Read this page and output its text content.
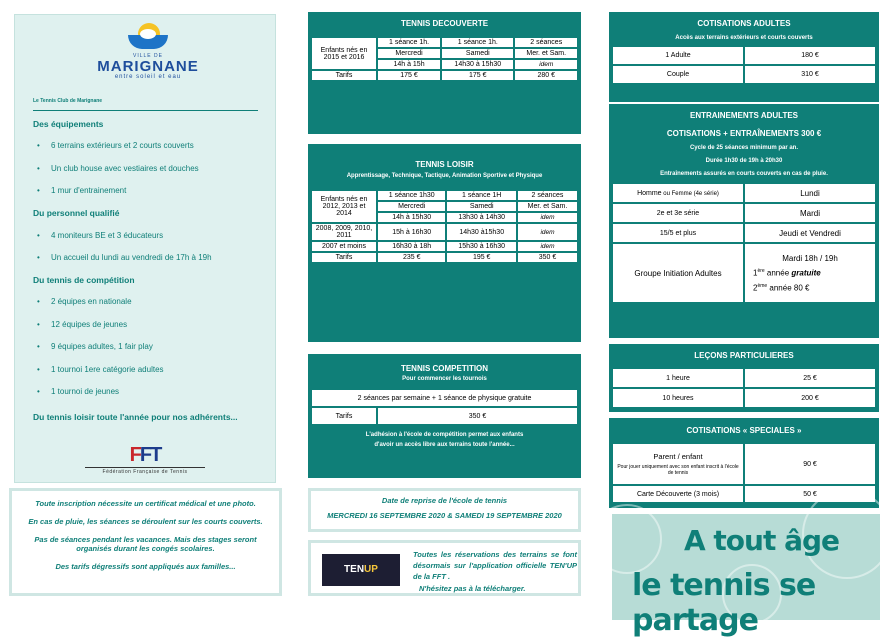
VILLE DE
MARIGNANE
entre soleil et eau
Le Tennis Club de Marignane
Des équipements
• 6 terrains extérieurs et 2 courts couverts
• Un club house avec vestiaires et douches
• 1 mur d'entrainement
Du personnel qualifié
• 4 moniteurs BE et 3 éducateurs
• Un accueil du lundi au vendredi de 17h à 19h
Du tennis de compétition
• 2 équipes en nationale
• 12 équipes de jeunes
• 9 équipes adultes, 1 fair play
• 1 tournoi 1ere catégorie adultes
• 1 tournoi de jeunes
Du tennis loisir toute l'année pour nos adhérents...
FFT
Fédération Française de Tennis

Toute inscription nécessite un certificat médical et une photo.

En cas de pluie, les séances se déroulent sur les courts couverts.

Pas de séances pendant les vacances. Mais des stages seront organisés durant les congés scolaires.

Des tarifs dégressifs sont appliqués aux familles...

TENNIS DECOUVERTE
Enfants nés en 2015 et 2016	1 séance 1h.	1 séance 1h.	2 séances
	Mercredi	Samedi	Mer. et Sam.
	14h à 15h	14h30 à 15h30	idem
Tarifs	175 €	175 €	280 €
TENNIS LOISIR
Apprentissage, Technique, Tactique, Animation Sportive et Physique
Enfants nés en 2012, 2013 et 2014	1 séance 1h30	1 séance 1H	2 séances
	Mercredi	Samedi	Mer. et Sam.
	14h à 15h30	13h30 à 14h30	idem
2008, 2009, 2010, 2011	15h à 16h30	14h30 à15h30	idem
2007 et moins	16h30 à 18h	15h30 à 16h30	idem
Tarifs	235 €	195 €	350 €
TENNIS COMPETITION
Pour commencer les tournois
2 séances par semaine + 1 séance de physique gratuite
Tarifs	350 €
L'adhésion à l'école de compétition permet aux enfants
d'avoir un accès libre aux terrains toute l'année...

Date de reprise de l'école de tennis

MERCREDI 16 SEPTEMBRE 2020 & SAMEDI 19 SEPTEMBRE 2020

TENUP
Toutes les réservations des terrains se font désormais sur l'application officielle TEN'UP de la FFT .
N'hésitez pas à la télécharger.
COTISATIONS ADULTES
Accès aux terrains extérieurs et courts couverts
1 Adulte	180 €
Couple	310 €
ENTRAINEMENTS ADULTES
COTISATIONS + ENTRAÎNEMENTS 300 €
Cycle de 25 séances minimum par an.
Durée 1h30 de 19h à 20h30
Entraînements assurés en courts couverts en cas de pluie.
Homme ou Femme (4e série)	Lundi
2e et 3e série	Mardi
15/5 et plus	Jeudi et Vendredi
Groupe Initiation Adultes	Mardi 18h / 19h
1ère année gratuite
2ème année 80 €
LEÇONS PARTICULIERES
1 heure	25 €
10 heures	200 €
COTISATIONS « SPECIALES »
Parent / enfant
Pour jouer uniquement avec son enfant inscrit à l'école de tennis	90 €
Carte Découverte (3 mois)	50 €
A tout âge
le tennis se partage
